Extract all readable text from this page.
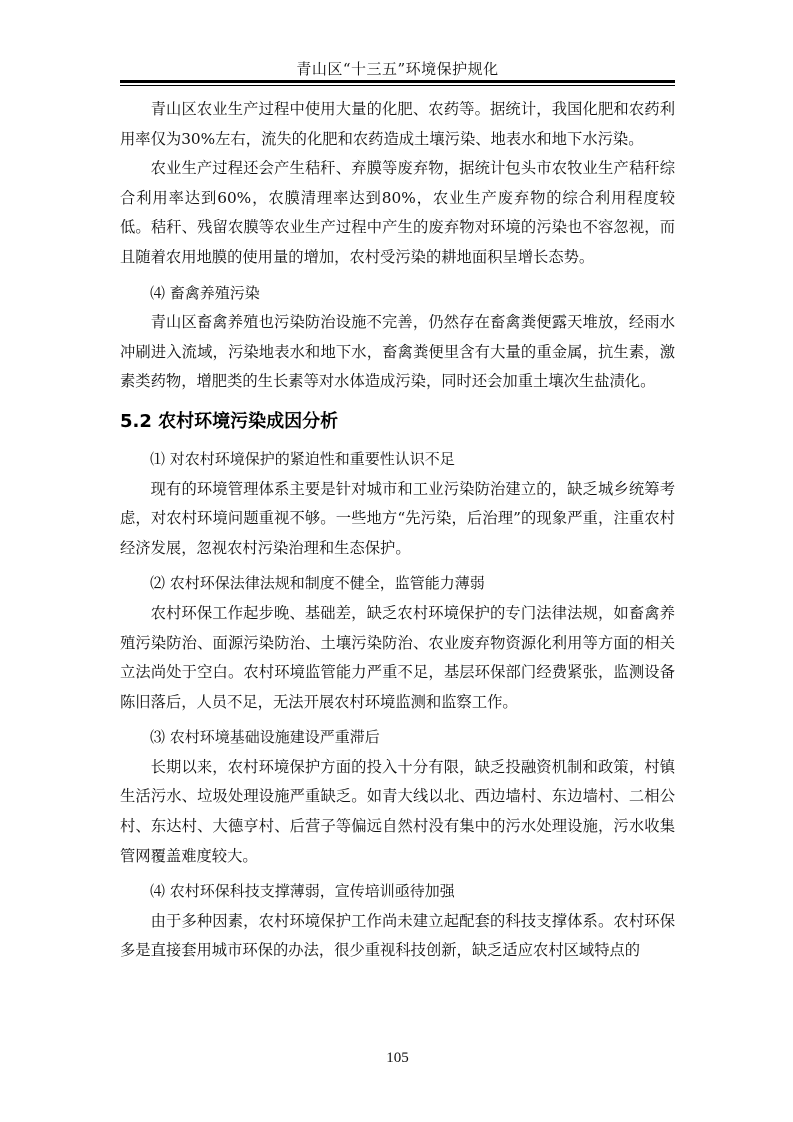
青山区“十三五”环境保护规化

青山区农业生产过程中使用大量的化肥、农药等。据统计，我国化肥和农药利用率仅为30%左右，流失的化肥和农药造成土壤污染、地表水和地下水污染。

农业生产过程还会产生秸秆、弃膜等废弃物，据统计包头市农牧业生产秸秆综合利用率达到60%，农膜清理率达到80%，农业生产废弃物的综合利用程度较低。秸秆、残留农膜等农业生产过程中产生的废弃物对环境的污染也不容忽视，而且随着农用地膜的使用量的增加，农村受污染的耕地面积呈增长态势。

⑷ 畜禽养殖污染

青山区畜禽养殖也污染防治设施不完善，仍然存在畜禽粪便露天堆放，经雨水冲刷进入流域，污染地表水和地下水，畜禽粪便里含有大量的重金属，抗生素，激素类药物，增肥类的生长素等对水体造成污染，同时还会加重土壤次生盐渍化。

5.2 农村环境污染成因分析

⑴ 对农村环境保护的紧迫性和重要性认识不足

现有的环境管理体系主要是针对城市和工业污染防治建立的，缺乏城乡统筹考虑，对农村环境问题重视不够。一些地方“先污染，后治理”的现象严重，注重农村经济发展，忽视农村污染治理和生态保护。

⑵ 农村环保法律法规和制度不健全，监管能力薄弱

农村环保工作起步晚、基础差，缺乏农村环境保护的专门法律法规，如畜禽养殖污染防治、面源污染防治、土壤污染防治、农业废弃物资源化利用等方面的相关立法尚处于空白。农村环境监管能力严重不足，基层环保部门经费紧张，监测设备陈旧落后，人员不足，无法开展农村环境监测和监察工作。

⑶ 农村环境基础设施建设严重滞后

长期以来，农村环境保护方面的投入十分有限，缺乏投融资机制和政策，村镇生活污水、垃圾处理设施严重缺乏。如青大线以北、西边墙村、东边墙村、二相公村、东达村、大德亨村、后营子等偏远自然村没有集中的污水处理设施，污水收集管网覆盖难度较大。

⑷ 农村环保科技支撑薄弱，宣传培训亟待加强

由于多种因素，农村环境保护工作尚未建立起配套的科技支撑体系。农村环保多是直接套用城市环保的办法，很少重视科技创新，缺乏适应农村区域特点的

105
